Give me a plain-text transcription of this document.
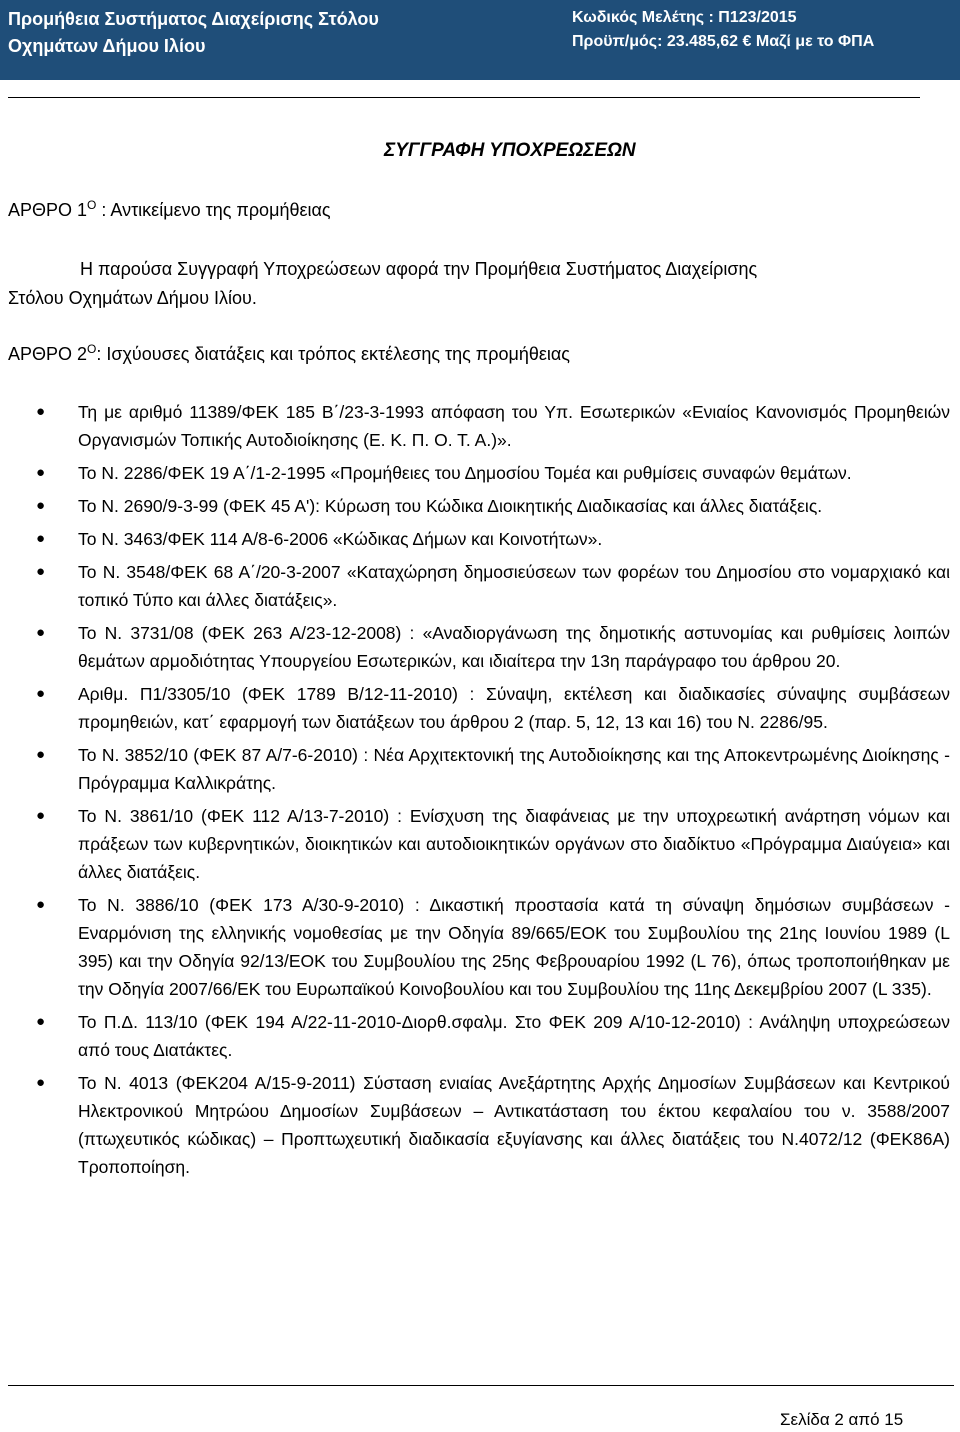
Προμήθεια Συστήματος Διαχείρισης Στόλου
Οχημάτων Δήμου Ιλίου
Κωδικός Μελέτης : Π123/2015
Προϋπ/μός: 23.485,62 € Μαζί με το ΦΠΑ
ΣΥΓΓΡΑΦΗ ΥΠΟΧΡΕΩΣΕΩΝ
ΑΡΘΡΟ $1^O$ : Αντικείμενο της προμήθειας
Η παρούσα Συγγραφή Υποχρεώσεων αφορά την Προμήθεια Συστήματος Διαχείρισης
Στόλου Οχημάτων Δήμου Ιλίου.
ΑΡΘΡΟ $2^O$: Ισχύουσες διατάξεις και τρόπος εκτέλεσης της προμήθειας
● Τη με αριθμό 11389/ΦΕΚ 185 Β΄/23-3-1993 απόφαση του Υπ. Εσωτερικών «Ενιαίος Κανονισμός Προμηθειών Οργανισμών Τοπικής Αυτοδιοίκησης (Ε. Κ. Π. Ο. Τ. Α.)».
● Το Ν. 2286/ΦΕΚ 19 Α΄/1-2-1995 «Προμήθειες του Δημοσίου Τομέα και ρυθμίσεις συναφών θεμάτων.
● Το Ν. 2690/9-3-99 (ΦΕΚ 45 Α'): Κύρωση του Κώδικα Διοικητικής Διαδικασίας και άλλες διατάξεις.
● Το Ν. 3463/ΦΕΚ 114 Α/8-6-2006 «Κώδικας Δήμων και Κοινοτήτων».
● Το Ν. 3548/ΦΕΚ 68 Α΄/20-3-2007 «Καταχώρηση δημοσιεύσεων των φορέων του Δημοσίου στο νομαρχιακό και τοπικό Τύπο και άλλες διατάξεις».
● Το Ν. 3731/08 (ΦΕΚ 263 Α/23-12-2008) : «Αναδιοργάνωση της δημοτικής αστυνομίας και ρυθμίσεις λοιπών θεμάτων αρμοδιότητας Υπουργείου Εσωτερικών, και ιδιαίτερα την 13η παράγραφο του άρθρου 20.
● Αριθμ. Π1/3305/10 (ΦΕΚ 1789 Β/12-11-2010) : Σύναψη, εκτέλεση και διαδικασίες σύναψης συμβάσεων προμηθειών, κατ΄ εφαρμογή των διατάξεων του άρθρου 2 (παρ. 5, 12, 13 και 16) του Ν. 2286/95.
● Το Ν. 3852/10 (ΦΕΚ 87 Α/7-6-2010) : Νέα Αρχιτεκτονική της Αυτοδιοίκησης και της Αποκεντρωμένης Διοίκησης - Πρόγραμμα Καλλικράτης.
● Το Ν. 3861/10 (ΦΕΚ 112 Α/13-7-2010) : Ενίσχυση της διαφάνειας με την υποχρεωτική ανάρτηση νόμων και πράξεων των κυβερνητικών, διοικητικών και αυτοδιοικητικών οργάνων στο διαδίκτυο «Πρόγραμμα Διαύγεια» και άλλες διατάξεις.
● Το Ν. 3886/10 (ΦΕΚ 173 Α/30-9-2010) : Δικαστική προστασία κατά τη σύναψη δημόσιων συμβάσεων - Εναρμόνιση της ελληνικής νομοθεσίας με την Οδηγία 89/665/ΕΟΚ του Συμβουλίου της 21ης Ιουνίου 1989 (L 395) και την Οδηγία 92/13/ΕΟΚ του Συμβουλίου της 25ης Φεβρουαρίου 1992 (L 76), όπως τροποποιήθηκαν με την Οδηγία 2007/66/ΕΚ του Ευρωπαϊκού Κοινοβουλίου και του Συμβουλίου της 11ης Δεκεμβρίου 2007 (L 335).
● Το Π.Δ. 113/10 (ΦΕΚ 194 Α/22-11-2010-Διορθ.σφαλμ. Στο ΦΕΚ 209 Α/10-12-2010) : Ανάληψη υποχρεώσεων από τους Διατάκτες.
● Το Ν. 4013 (ΦΕΚ204 Α/15-9-2011) Σύσταση ενιαίας Ανεξάρτητης Αρχής Δημοσίων Συμβάσεων και Κεντρικού Ηλεκτρονικού Μητρώου Δημοσίων Συμβάσεων – Αντικατάσταση του έκτου κεφαλαίου του ν. 3588/2007 (πτωχευτικός κώδικας) – Προπτωχευτική διαδικασία εξυγίανσης και άλλες διατάξεις του Ν.4072/12 (ΦΕΚ86Α) Τροποποίηση.
Σελίδα 2 από 15
